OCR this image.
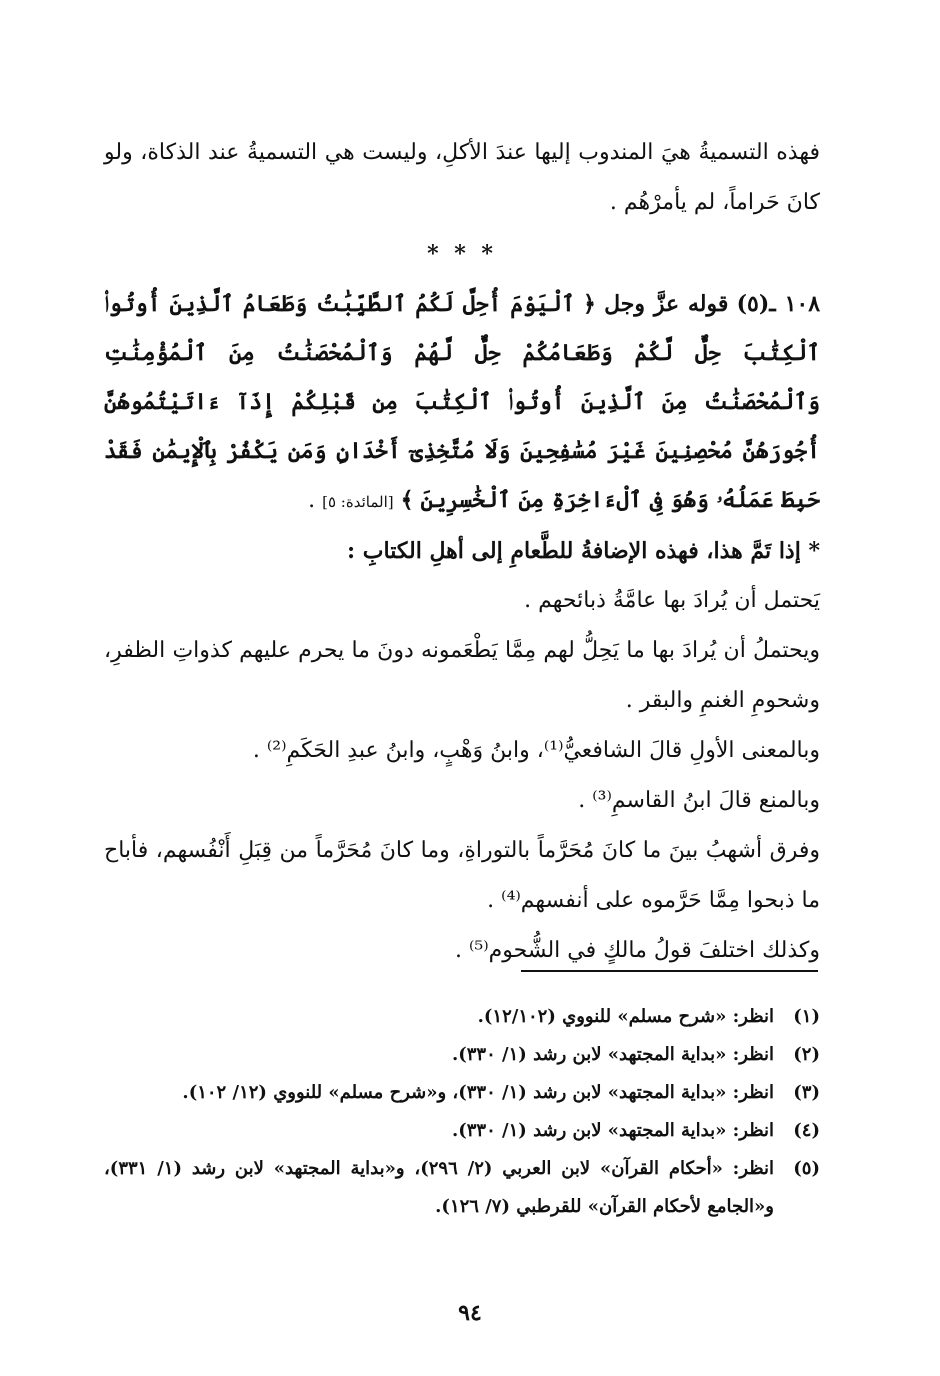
فهذه التسميةُ هيَ المندوب إليها عندَ الأكلِ، وليست هي التسميةُ عند الذكاة، ولو كانَ حَراماً، لم يأمرْهُم .

* * *

١٠٨ ـ(٥) قوله عزَّ وجل ﴿ ٱلْيَوْمَ أُحِلَّ لَكُمُ ٱلطَّيِّبَٰتُ وَطَعَامُ ٱلَّذِينَ أُوتُوا۟ ٱلْكِتَٰبَ حِلٌّ لَّكُمْ وَطَعَامُكُمْ حِلٌّ لَّهُمْ وَٱلْمُحْصَنَٰتُ مِنَ ٱلْمُؤْمِنَٰتِ وَٱلْمُحْصَنَٰتُ مِنَ ٱلَّذِينَ أُوتُوا۟ ٱلْكِتَٰبَ مِن قَبْلِكُمْ إِذَآ ءَاتَيْتُمُوهُنَّ أُجُورَهُنَّ مُحْصِنِينَ غَيْرَ مُسَٰفِحِينَ وَلَا مُتَّخِذِىٓ أَخْدَانٍ وَمَن يَكْفُرْ بِٱلْإِيمَٰنِ فَقَدْ حَبِطَ عَمَلُهُۥ وَهُوَ فِى ٱلْءَاخِرَةِ مِنَ ٱلْخَٰسِرِينَ ﴾ [المائدة: ٥] .

* إذا تَمَّ هذا، فهذه الإضافةُ للطَّعامِ إلى أهلِ الكتابِ :

يَحتمل أن يُرادَ بها عامَّةُ ذبائحهم .

ويحتملُ أن يُرادَ بها ما يَحِلُّ لهم مِمَّا يَطْعَمونه دونَ ما يحرم عليهم كذواتِ الظفرِ، وشحومِ الغنمِ والبقر .

وبالمعنى الأولِ قالَ الشافعيُّ⁽¹⁾، وابنُ وَهْبٍ، وابنُ عبدِ الحَكَمِ⁽²⁾ .

وبالمنع قالَ ابنُ القاسمِ⁽³⁾ .

وفرق أشهبُ بينَ ما كانَ مُحَرَّماً بالتوراةِ، وما كانَ مُحَرَّماً من قِبَلِ أَنْفُسهم، فأباح ما ذبحوا مِمَّا حَرَّموه على أنفسهم⁽⁴⁾ .

وكذلك اختلفَ قولُ مالكٍ في الشُّحوم⁽⁵⁾ .

(١)
انظر: «شرح مسلم» للنووي (١٢/١٠٢).
(٢)
انظر: «بداية المجتهد» لابن رشد (١/ ٣٣٠).
(٣)
انظر: «بداية المجتهد» لابن رشد (١/ ٣٣٠)، و«شرح مسلم» للنووي (١٢/ ١٠٢).
(٤)
انظر: «بداية المجتهد» لابن رشد (١/ ٣٣٠).
(٥)
انظر: «أحكام القرآن» لابن العربي (٢/ ٢٩٦)، و«بداية المجتهد» لابن رشد (١/ ٣٣١)، و«الجامع لأحكام القرآن» للقرطبي (٧/ ١٢٦).
٩٤
